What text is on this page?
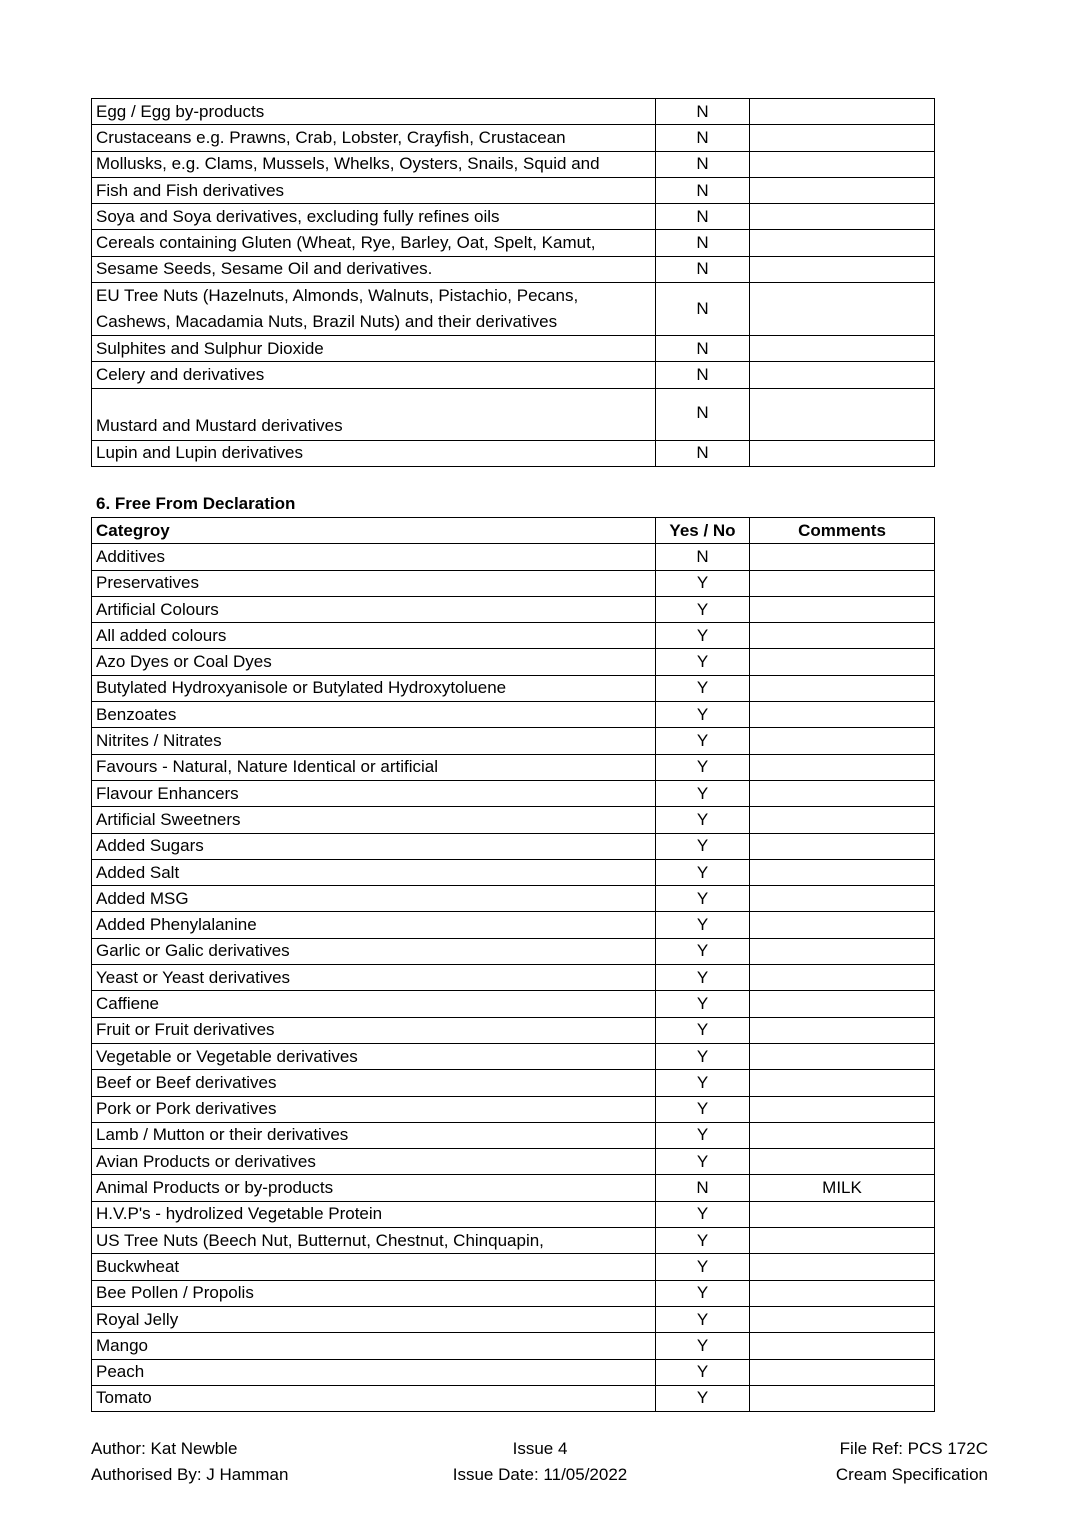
Egg / Egg by-products	N	
Crustaceans e.g. Prawns, Crab, Lobster, Crayfish, Crustacean	N	
Mollusks, e.g. Clams, Mussels, Whelks, Oysters, Snails, Squid and	N	
Fish and Fish derivatives	N	
Soya and Soya derivatives, excluding fully refines oils	N	
Cereals containing Gluten (Wheat, Rye, Barley, Oat, Spelt, Kamut,	N	
Sesame Seeds, Sesame Oil and derivatives.	N	
EU Tree Nuts (Hazelnuts, Almonds, Walnuts, Pistachio, Pecans, Cashews, Macadamia Nuts, Brazil Nuts) and their derivatives	N	
Sulphites and Sulphur Dioxide	N	
Celery and derivatives	N	
Mustard and Mustard derivatives	N	
Lupin and Lupin derivatives	N	
6. Free From Declaration
Categroy	Yes / No	Comments
Additives	N	
Preservatives	Y	
Artificial Colours	Y	
All added colours	Y	
Azo Dyes or Coal Dyes	Y	
Butylated Hydroxyanisole or Butylated Hydroxytoluene	Y	
Benzoates	Y	
Nitrites / Nitrates	Y	
Favours - Natural, Nature Identical or artificial	Y	
Flavour Enhancers	Y	
Artificial Sweetners	Y	
Added Sugars	Y	
Added Salt	Y	
Added MSG	Y	
Added Phenylalanine	Y	
Garlic or Galic derivatives	Y	
Yeast or Yeast derivatives	Y	
Caffiene	Y	
Fruit or Fruit derivatives	Y	
Vegetable or Vegetable derivatives	Y	
Beef or Beef derivatives	Y	
Pork or Pork derivatives	Y	
Lamb / Mutton or their derivatives	Y	
Avian Products or derivatives	Y	
Animal Products or by-products	N	MILK
H.V.P's - hydrolized Vegetable Protein	Y	
US Tree Nuts (Beech Nut, Butternut, Chestnut, Chinquapin,	Y	
Buckwheat	Y	
Bee Pollen / Propolis	Y	
Royal Jelly	Y	
Mango	Y	
Peach	Y	
Tomato	Y	
Author: Kat Newble
Authorised By: J Hamman
Issue 4
Issue Date: 11/05/2022
File Ref: PCS 172C
Cream Specification
